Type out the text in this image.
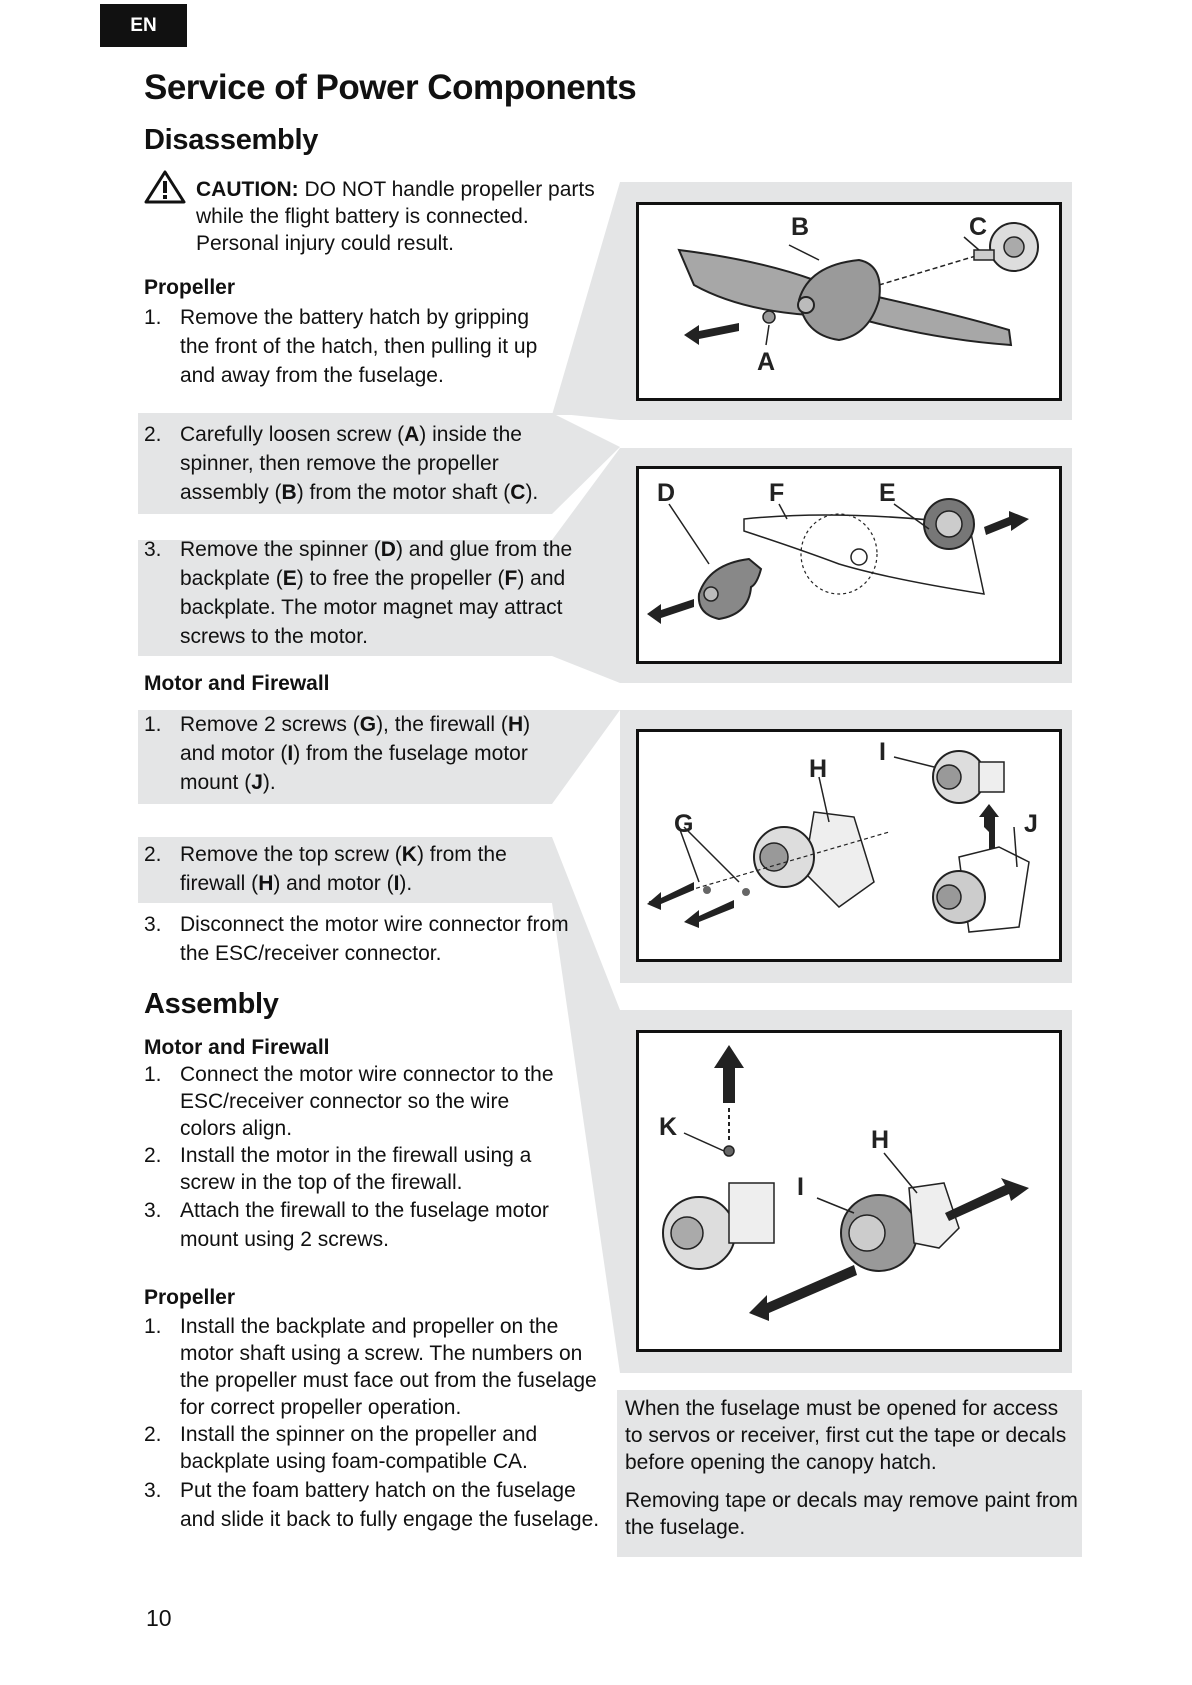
EN
Service of Power Components
Disassembly
CAUTION: DO NOT handle propeller parts while the flight battery is connected. Personal injury could result.
Propeller
1. Remove the battery hatch by gripping the front of the hatch, then pulling it up and away from the fuselage.
2. Carefully loosen screw (A) inside the spinner, then remove the propeller assembly (B) from the motor shaft (C).
3. Remove the spinner (D) and glue from the backplate (E) to free the propeller (F) and backplate. The motor magnet may attract screws to the motor.
Motor and Firewall
1. Remove 2 screws (G), the firewall (H) and motor (I) from the fuselage motor mount (J).
2. Remove the top screw (K) from the firewall (H) and motor (I).
3. Disconnect the motor wire connector from the ESC/receiver connector.
Assembly
Motor and Firewall
1. Connect the motor wire connector to the ESC/receiver connector so the wire colors align.
2. Install the motor in the firewall using a screw in the top of the firewall.
3. Attach the firewall to the fuselage motor mount using 2 screws.
Propeller
1. Install the backplate and propeller on the motor shaft using a screw. The numbers on the propeller must face out from the fuselage for correct propeller operation.
2. Install the spinner on the propeller and backplate using foam-compatible CA.
3. Put the foam battery hatch on the fuselage and slide it back to fully engage the fuselage.
B	C
A
D	F	E
G
H
I
J
K	H
I

When the fuselage must be opened for access to servos or receiver, first cut the tape or decals before opening the canopy hatch.

Removing tape or decals may remove paint from the fuselage.

10
